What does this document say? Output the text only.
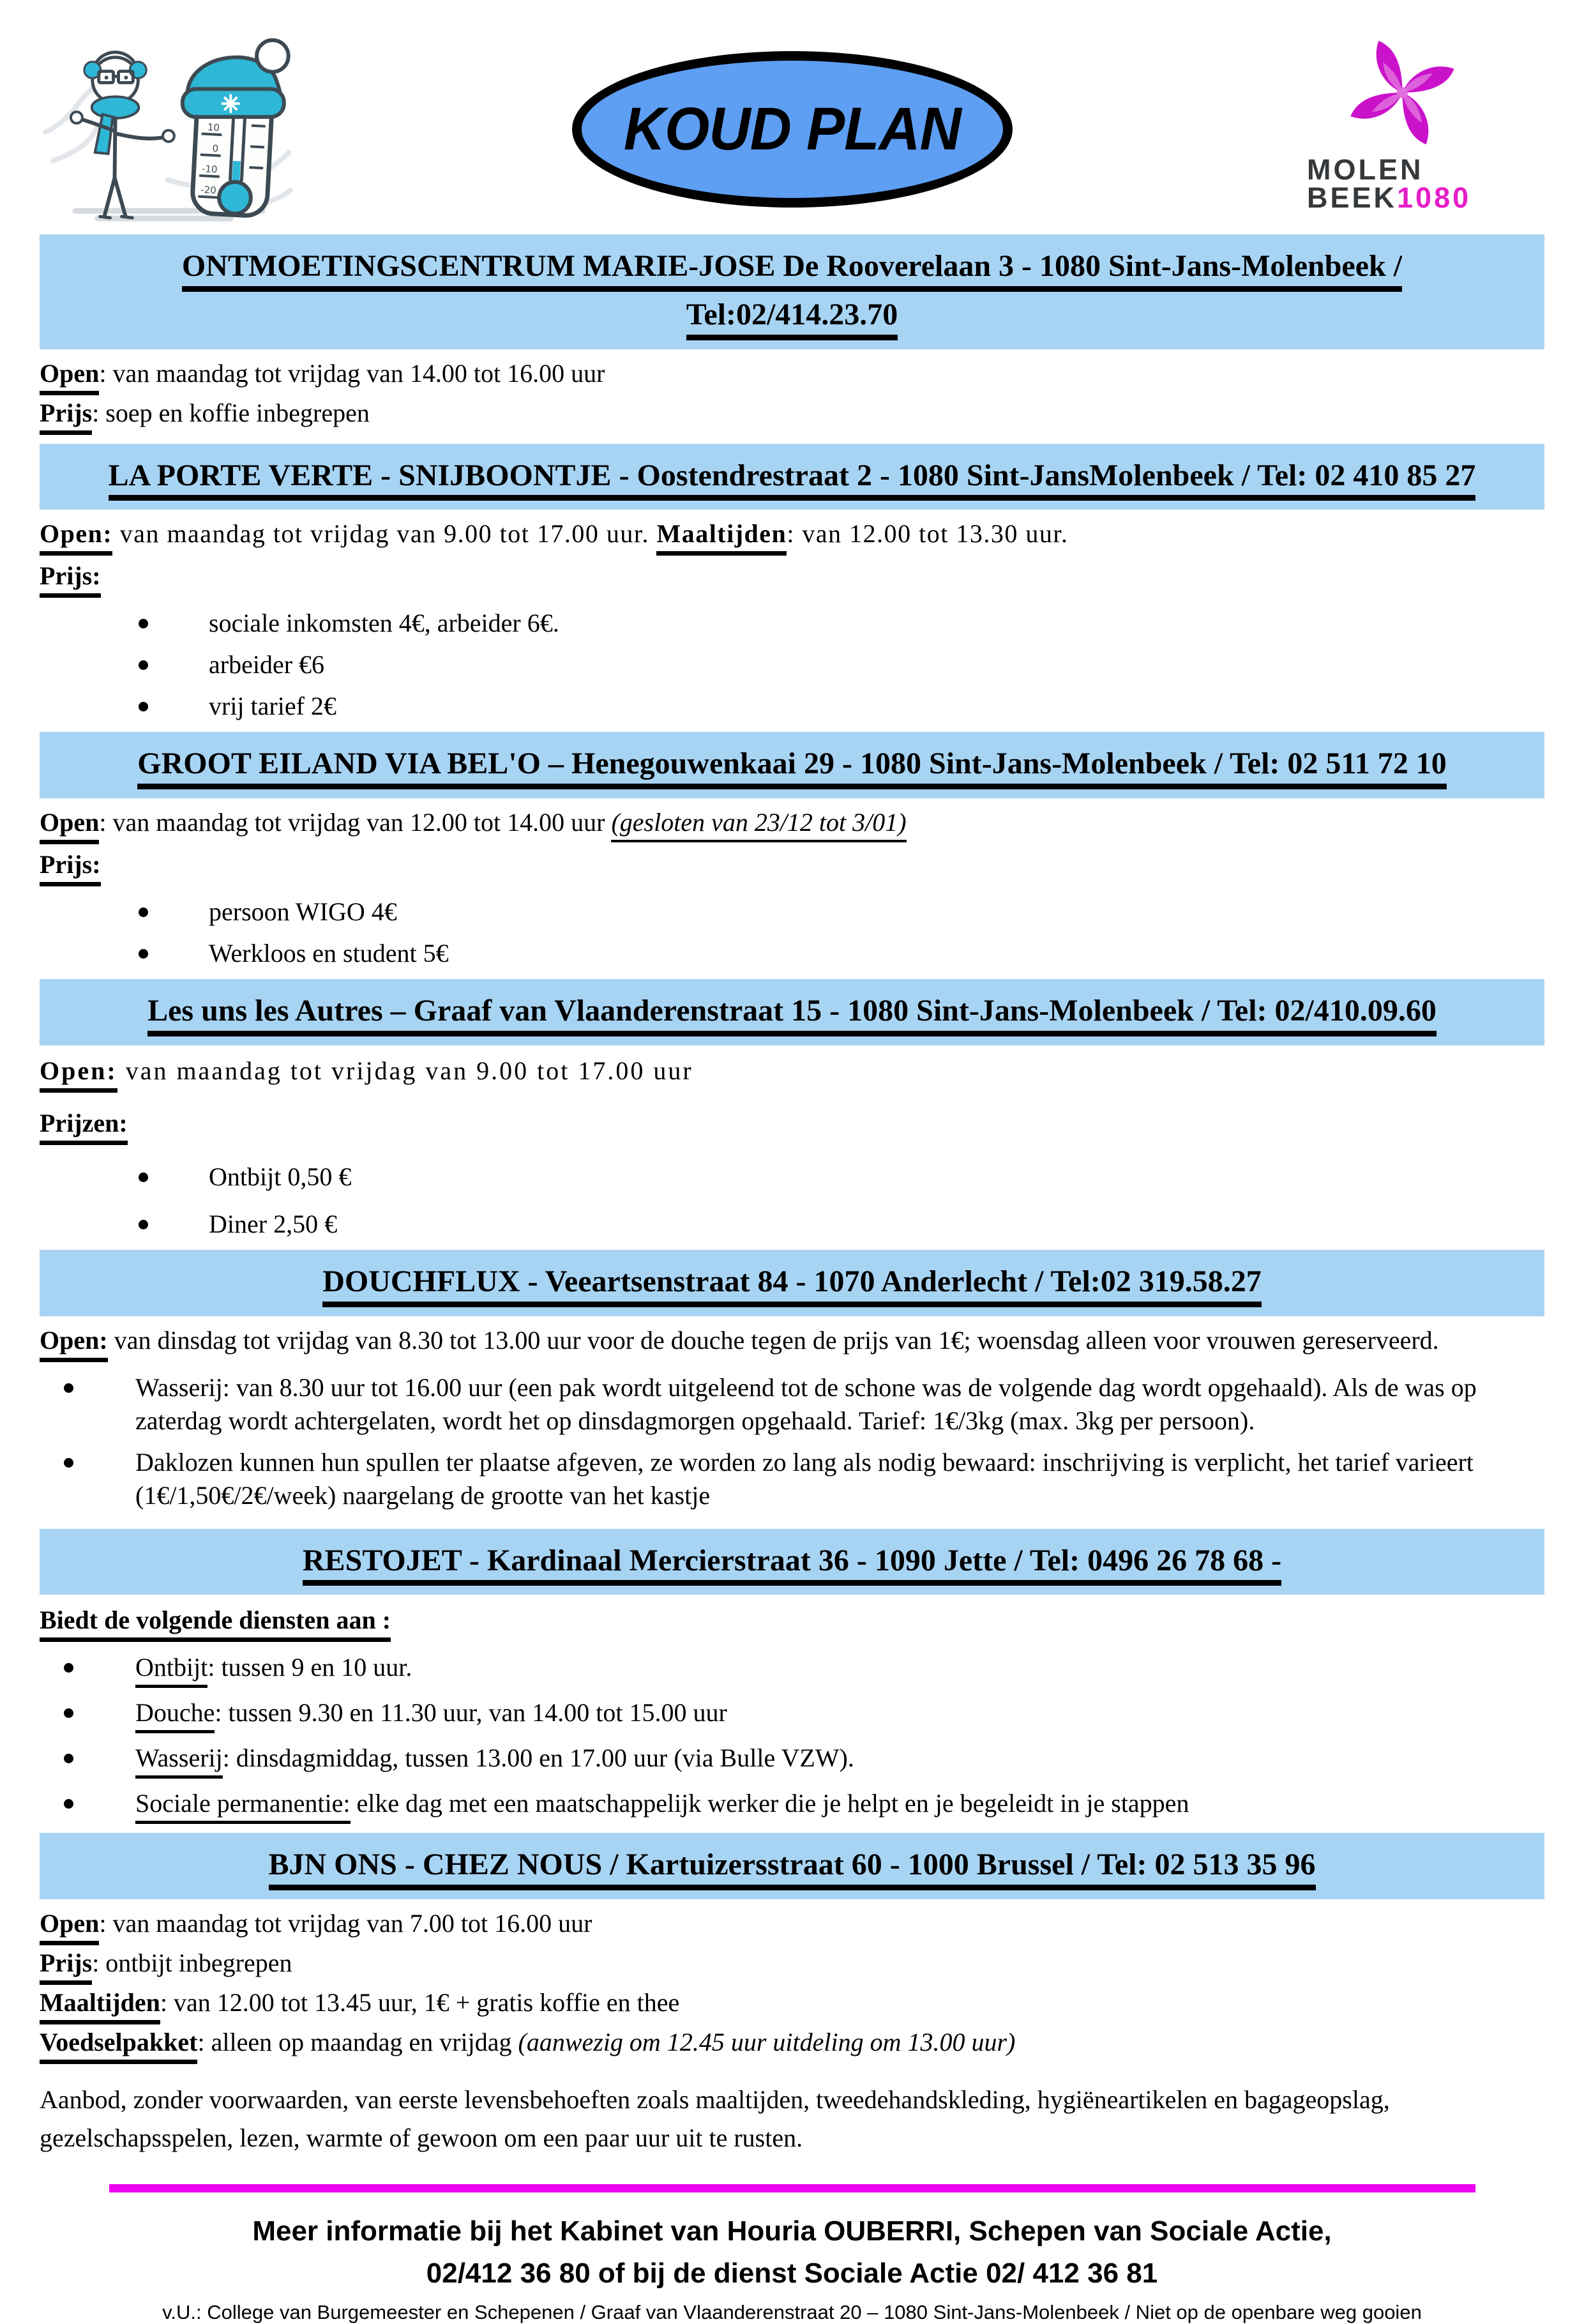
10
0
-10
-20
KOUD PLAN
MOLEN
BEEK1080
ONTMOETINGSCENTRUM MARIE-JOSE De Rooverelaan 3 - 1080 Sint-Jans-Molenbeek /
Tel:02/414.23.70

Open: van maandag tot vrijdag van 14.00 tot 16.00 uur

Prijs: soep en koffie inbegrepen

LA PORTE VERTE - SNIJBOONTJE - Oostendrestraat 2 - 1080 Sint-JansMolenbeek / Tel: 02 410 85 27

Open: van maandag tot vrijdag van 9.00 tot 17.00 uur. Maaltijden: van 12.00 tot 13.30 uur.

Prijs:

sociale inkomsten 4€, arbeider 6€.
arbeider €6
vrij tarief 2€
GROOT EILAND VIA BEL'O – Henegouwenkaai 29 - 1080 Sint-Jans-Molenbeek / Tel: 02 511 72 10

Open: van maandag tot vrijdag van 12.00 tot 14.00 uur (gesloten van 23/12 tot 3/01)

Prijs:

persoon WIGO 4€
Werkloos en student 5€
Les uns les Autres – Graaf van Vlaanderenstraat 15 - 1080 Sint-Jans-Molenbeek / Tel: 02/410.09.60

Open: van maandag tot vrijdag van 9.00 tot 17.00 uur

Prijzen:

Ontbijt 0,50 €
Diner 2,50 €
DOUCHFLUX - Veeartsenstraat 84 - 1070 Anderlecht / Tel:02 319.58.27

Open: van dinsdag tot vrijdag van 8.30 tot 13.00 uur voor de douche tegen de prijs van 1€; woensdag alleen voor vrouwen gereserveerd.

Wasserij: van 8.30 uur tot 16.00 uur (een pak wordt uitgeleend tot de schone was de volgende dag wordt opgehaald). Als de was op zaterdag wordt achtergelaten, wordt het op dinsdagmorgen opgehaald. Tarief: 1€/3kg (max. 3kg per persoon).
Daklozen kunnen hun spullen ter plaatse afgeven, ze worden zo lang als nodig bewaard: inschrijving is verplicht, het tarief varieert (1€/1,50€/2€/week) naargelang de grootte van het kastje
RESTOJET - Kardinaal Mercierstraat 36 - 1090 Jette / Tel: 0496 26 78 68 -

Biedt de volgende diensten aan :

Ontbijt: tussen 9 en 10 uur.
Douche: tussen 9.30 en 11.30 uur, van 14.00 tot 15.00 uur
Wasserij: dinsdagmiddag, tussen 13.00 en 17.00 uur (via Bulle VZW).
Sociale permanentie: elke dag met een maatschappelijk werker die je helpt en je begeleidt in je stappen
BJN ONS - CHEZ NOUS / Kartuizersstraat 60 - 1000 Brussel / Tel: 02 513 35 96

Open: van maandag tot vrijdag van 7.00 tot 16.00 uur

Prijs: ontbijt inbegrepen

Maaltijden: van 12.00 tot 13.45 uur, 1€ + gratis koffie en thee

Voedselpakket: alleen op maandag en vrijdag (aanwezig om 12.45 uur uitdeling om 13.00 uur)

Aanbod, zonder voorwaarden, van eerste levensbehoeften zoals maaltijden, tweedehandskleding, hygiëneartikelen en bagageopslag, gezelschapsspelen, lezen, warmte of gewoon om een paar uur uit te rusten.

Meer informatie bij het Kabinet van Houria OUBERRI, Schepen van Sociale Actie,
02/412 36 80 of bij de dienst Sociale Actie 02/ 412 36 81
v.U.: College van Burgemeester en Schepenen / Graaf van Vlaanderenstraat 20 – 1080 Sint-Jans-Molenbeek / Niet op de openbare weg gooien
